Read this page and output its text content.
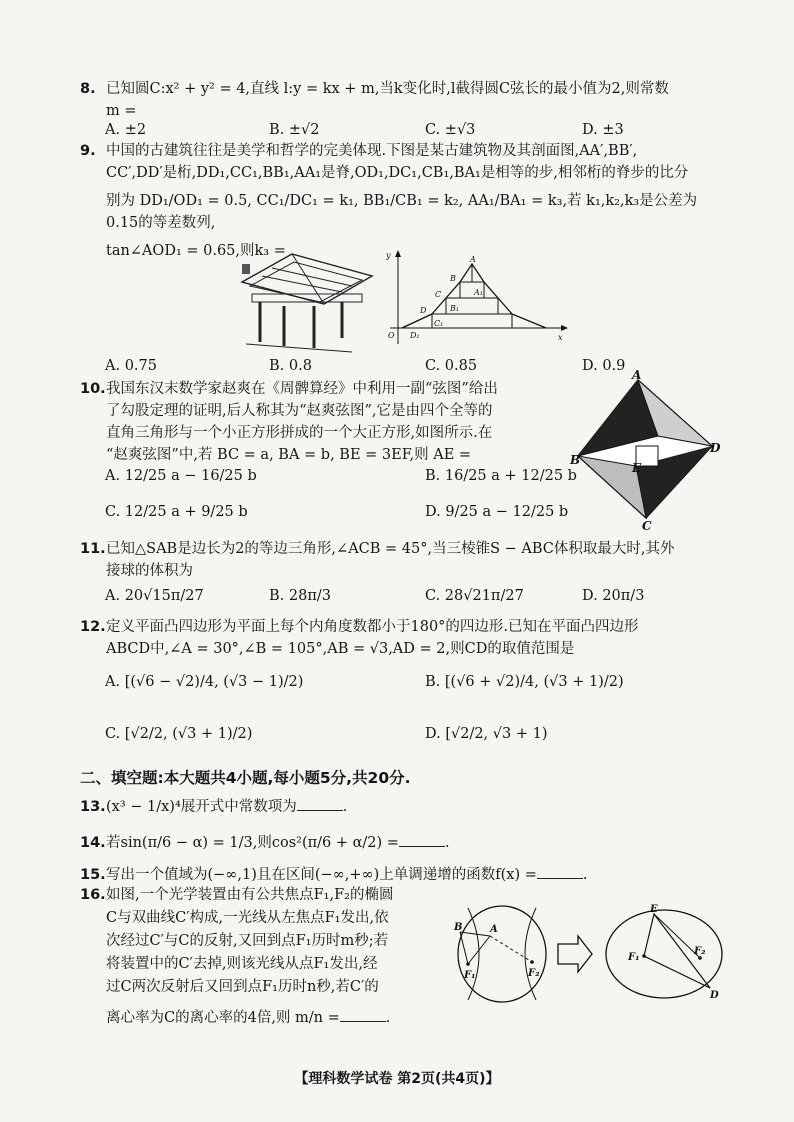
8. 已知圆C:x² + y² = 4,直线 l:y = kx + m,当k变化时,l截得圆C弦长的最小值为2,则常数
m =
A. ±2	B. ±√2	C. ±√3	D. ±3
9. 中国的古建筑往往是美学和哲学的完美体现.下图是某古建筑物及其剖面图,AA′,BB′,
CC′,DD′是桁,DD₁,CC₁,BB₁,AA₁是脊,OD₁,DC₁,CB₁,BA₁是相等的步,相邻桁的脊步的比分
别为 DD₁/OD₁ = 0.5, CC₁/DC₁ = k₁, BB₁/CB₁ = k₂, AA₁/BA₁ = k₃,若 k₁,k₂,k₃是公差为0.15的等差数列,
tan∠AOD₁ = 0.65,则k₃ =	y	A
B
C
D
A₁
B₁
C₁
D₁
O	x
A. 0.75	B. 0.8	C. 0.85	D. 0.9
10.我国东汉末数学家赵爽在《周髀算经》中利用一副“弦图”给出
了勾股定理的证明,后人称其为“赵爽弦图”,它是由四个全等的
直角三角形与一个小正方形拼成的一个大正方形,如图所示.在
“赵爽弦图”中,若 BC = a, BA = b, BE = 3EF,则 AE =
A
B
C
D
E
A. 12/25 a − 16/25 b	B. 16/25 a + 12/25 b
C. 12/25 a + 9/25 b	D. 9/25 a − 12/25 b
11.已知△SAB是边长为2的等边三角形,∠ACB = 45°,当三棱锥S − ABC体积取最大时,其外
接球的体积为
A. 20√15π/27	B. 28π/3	C. 28√21π/27	D. 20π/3
12.定义平面凸四边形为平面上每个内角度数都小于180°的四边形.已知在平面凸四边形
ABCD中,∠A = 30°,∠B = 105°,AB = √3,AD = 2,则CD的取值范围是
A. [(√6 − √2)/4, (√3 − 1)/2)	B. [(√6 + √2)/4, (√3 + 1)/2)
C. [√2/2, (√3 + 1)/2)	D. [√2/2, √3 + 1)
二、填空题:本大题共4小题,每小题5分,共20分.
13.(x³ − 1/x)⁴展开式中常数项为	.
14.若sin(π/6 − α) = 1/3,则cos²(π/6 + α/2) =	.
15.写出一个值域为(−∞,1)且在区间(−∞,+∞)上单调递增的函数f(x) =	.
16.如图,一个光学装置由有公共焦点F₁,F₂的椭圆
C与双曲线C′构成,一光线从左焦点F₁发出,依
次经过C′与C的反射,又回到点F₁历时m秒;若
将装置中的C′去掉,则该光线从点F₁发出,经
过C两次反射后又回到点F₁历时n秒,若C′的
离心率为C的离心率的4倍,则 m/n =	.
B	A
F₁	F₂
E
F₁
F₂
D
【理科数学试卷 第2页(共4页)】
